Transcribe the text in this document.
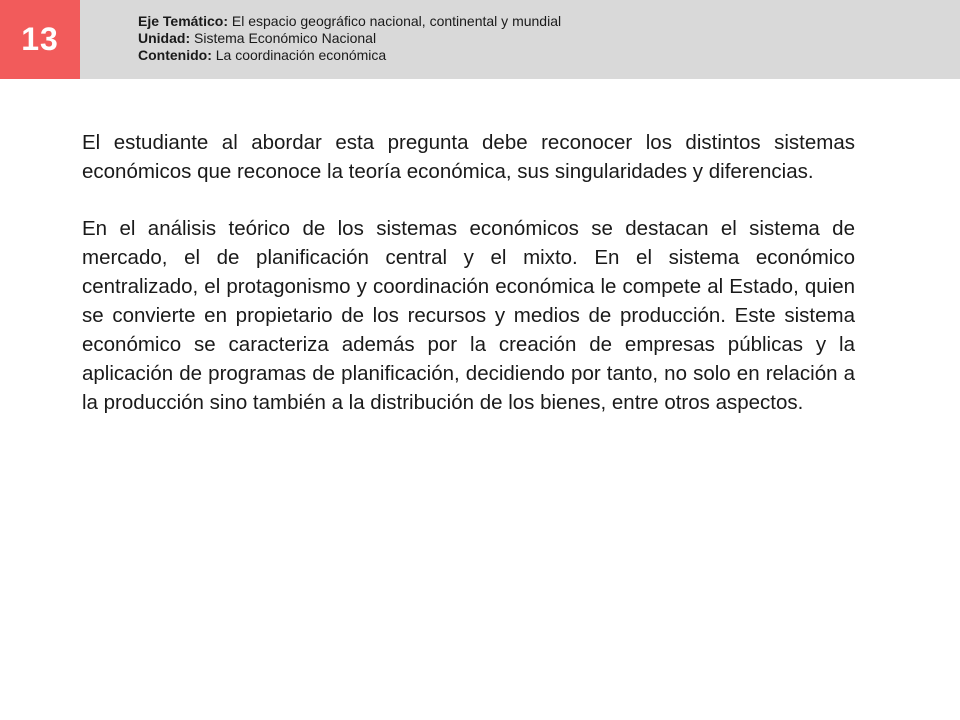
13	Eje Temático: El espacio geográfico nacional, continental y mundial
Unidad: Sistema Económico Nacional
Contenido: La coordinación económica

El estudiante al abordar esta pregunta debe reconocer los distintos sistemas económicos que reconoce la teoría económica, sus singularidades y diferencias.

En el análisis teórico de los sistemas económicos se destacan el sistema de mercado, el de planificación central y el mixto. En el sistema económico centralizado, el protagonismo y coordinación económica le compete al Estado, quien se convierte en propietario de los recursos y medios de producción. Este sistema económico se caracteriza además por la creación de empresas públicas y la aplicación de programas de planificación, decidiendo por tanto, no solo en relación a la producción sino también a la distribución de los bienes, entre otros aspectos.
